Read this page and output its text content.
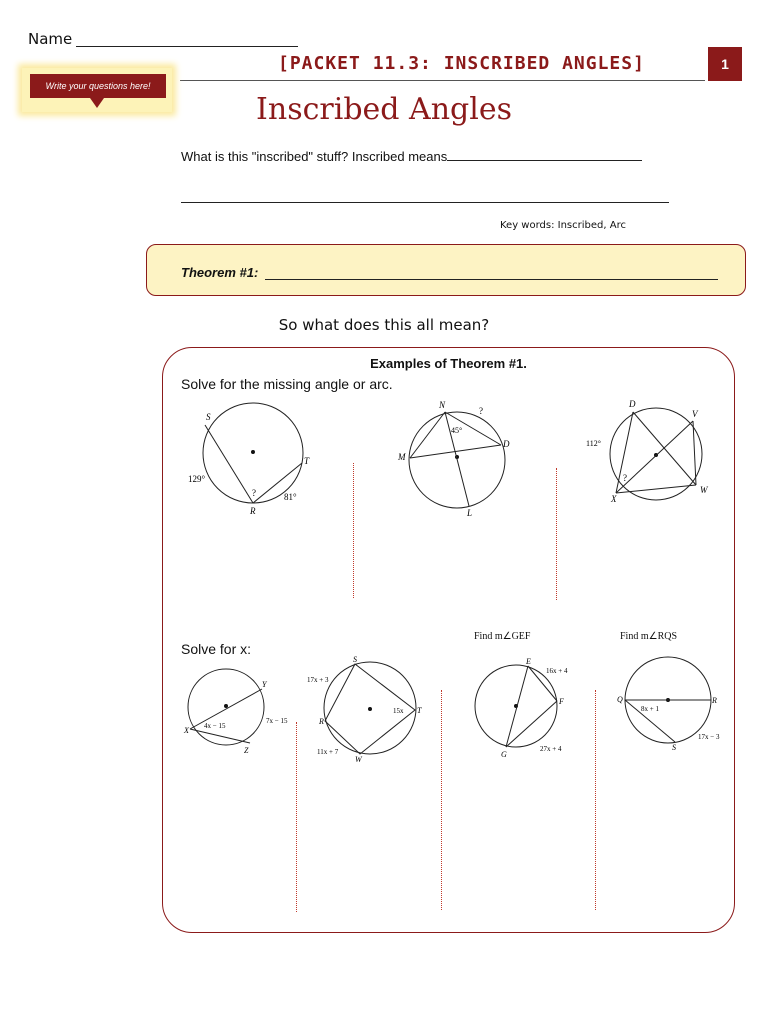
Name
[PACKET 11.3: INSCRIBED ANGLES]	1
Write your questions here!
Inscribed Angles
What is this "inscribed" stuff? Inscribed means
Key words: Inscribed, Arc
Theorem #1:
So what does this all mean?
Examples of Theorem #1.
Solve for the missing angle or arc.
Solve for x:
Find m∠GEF	Find m∠RQS
S
T
R
129°
81°
?
N
M
D
L
45°
?
D
V
X
W
112°
?
Y
X
Z
4x − 15
7x − 15
S
T
R
W
17x + 3
15x
11x + 7
E
F
G
16x + 4
27x + 4
Q	R
S
8x + 1
17x − 3
